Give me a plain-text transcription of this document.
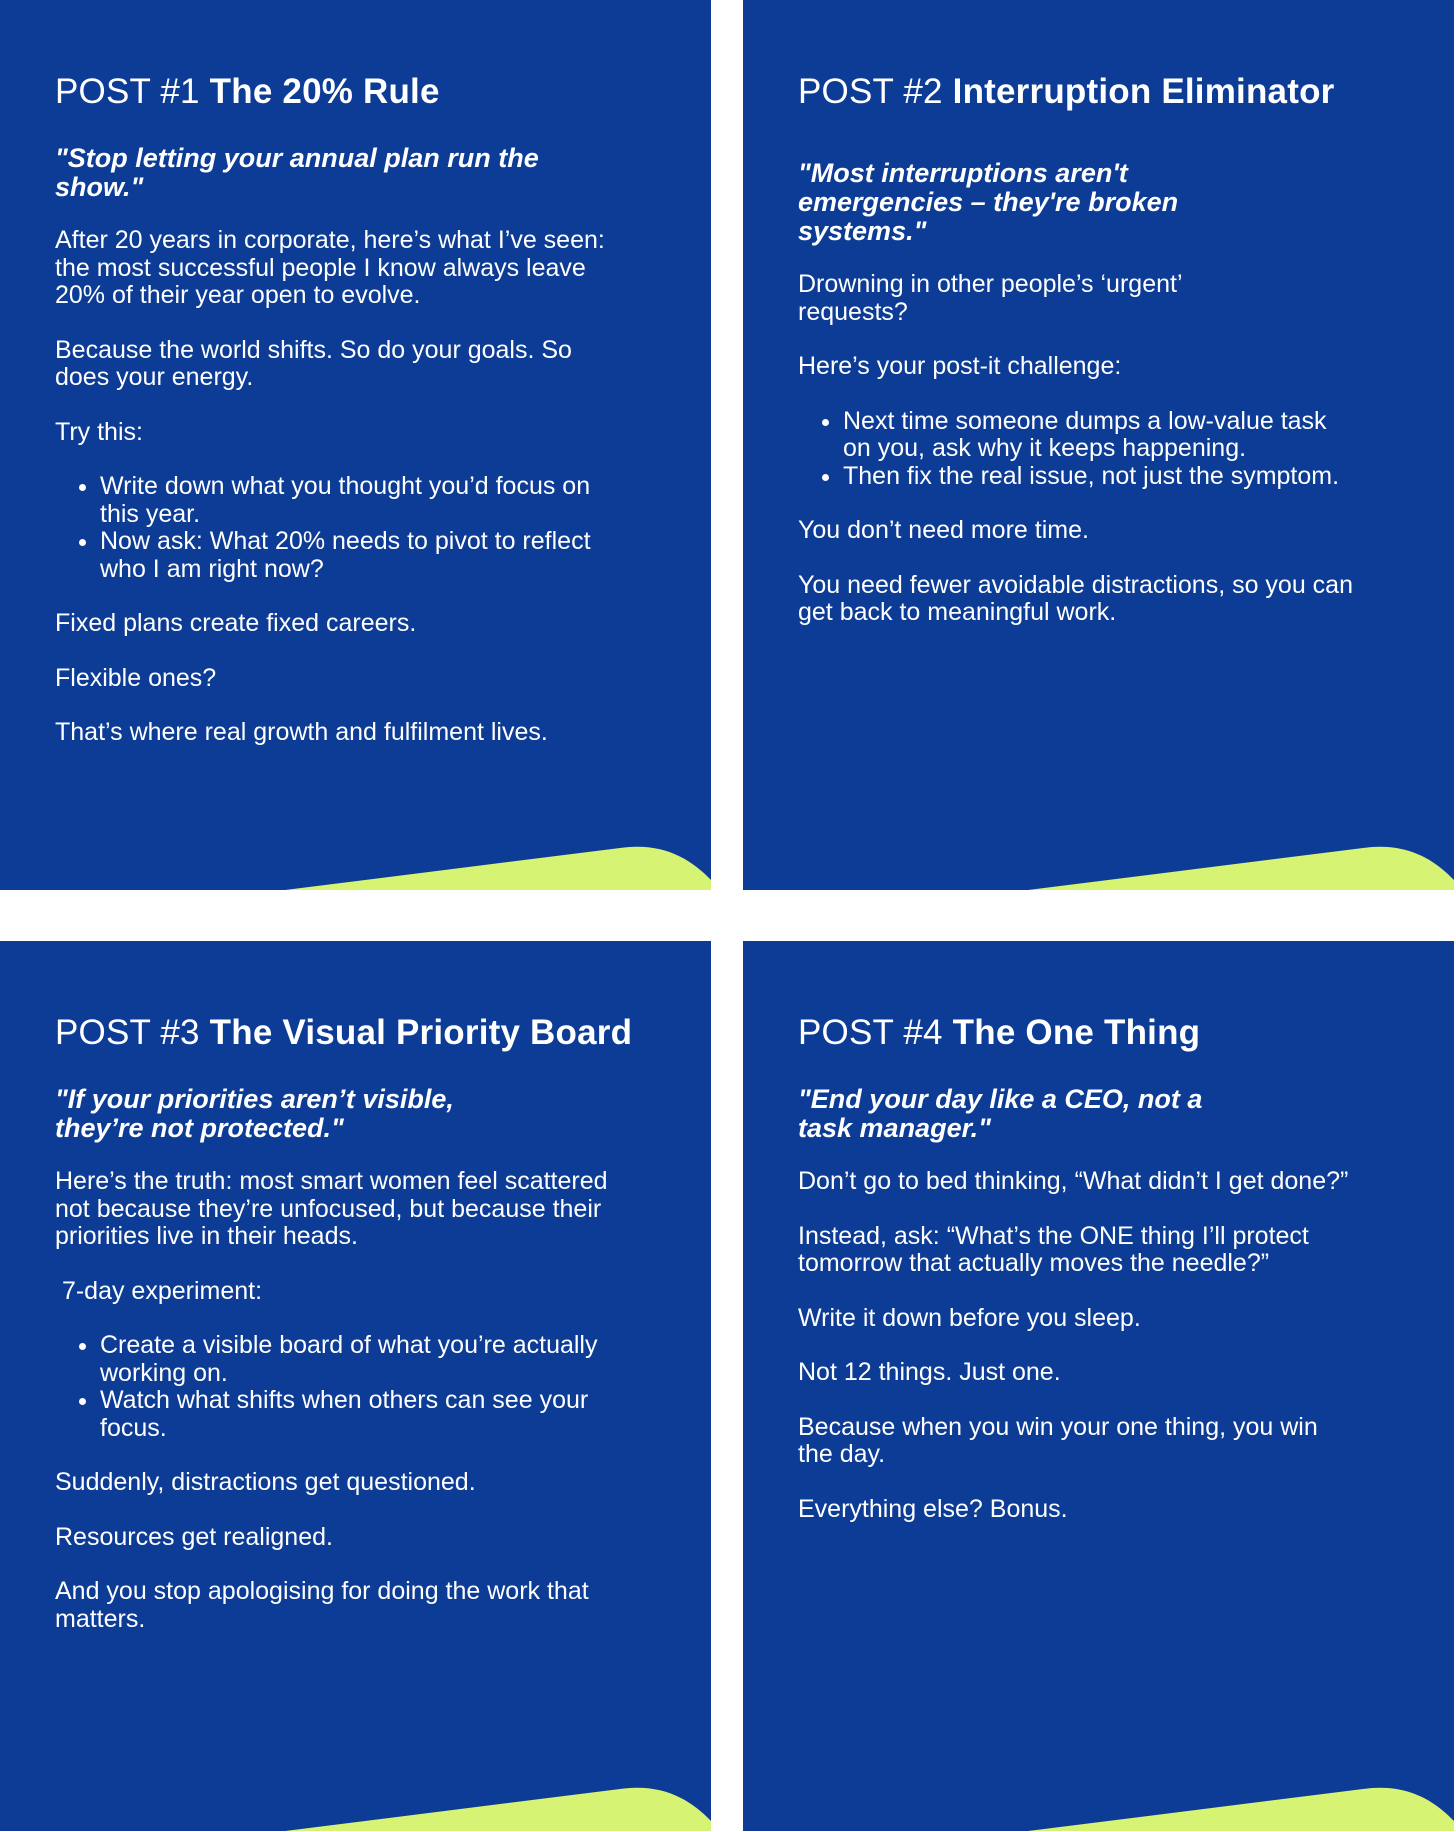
POST #1 The 20% Rule
"Stop letting your annual plan run the show."

After 20 years in corporate, here’s what I’ve seen: the most successful people I know always leave 20% of their year open to evolve.

Because the world shifts. So do your goals. So does your energy.

Try this:

• Write down what you thought you’d focus on this year.
• Now ask: What 20% needs to pivot to reflect who I am right now?

Fixed plans create fixed careers.

Flexible ones?

That’s where real growth and fulfilment lives.

POST #2 Interruption Eliminator
"Most interruptions aren't emergencies – they're broken systems."

Drowning in other people’s ‘urgent’ requests?

Here’s your post-it challenge:

• Next time someone dumps a low-value task on you, ask why it keeps happening.
• Then fix the real issue, not just the symptom.

You don’t need more time.

You need fewer avoidable distractions, so you can get back to meaningful work.

POST #3 The Visual Priority Board
"If your priorities aren’t visible, they’re not protected."

Here’s the truth: most smart women feel scattered not because they’re unfocused, but because their priorities live in their heads.

7-day experiment:

• Create a visible board of what you’re actually working on.
• Watch what shifts when others can see your focus.

Suddenly, distractions get questioned.

Resources get realigned.

And you stop apologising for doing the work that matters.

POST #4 The One Thing
"End your day like a CEO, not a task manager."

Don’t go to bed thinking, “What didn’t I get done?”

Instead, ask: “What’s the ONE thing I’ll protect tomorrow that actually moves the needle?”

Write it down before you sleep.

Not 12 things. Just one.

Because when you win your one thing, you win the day.

Everything else? Bonus.
